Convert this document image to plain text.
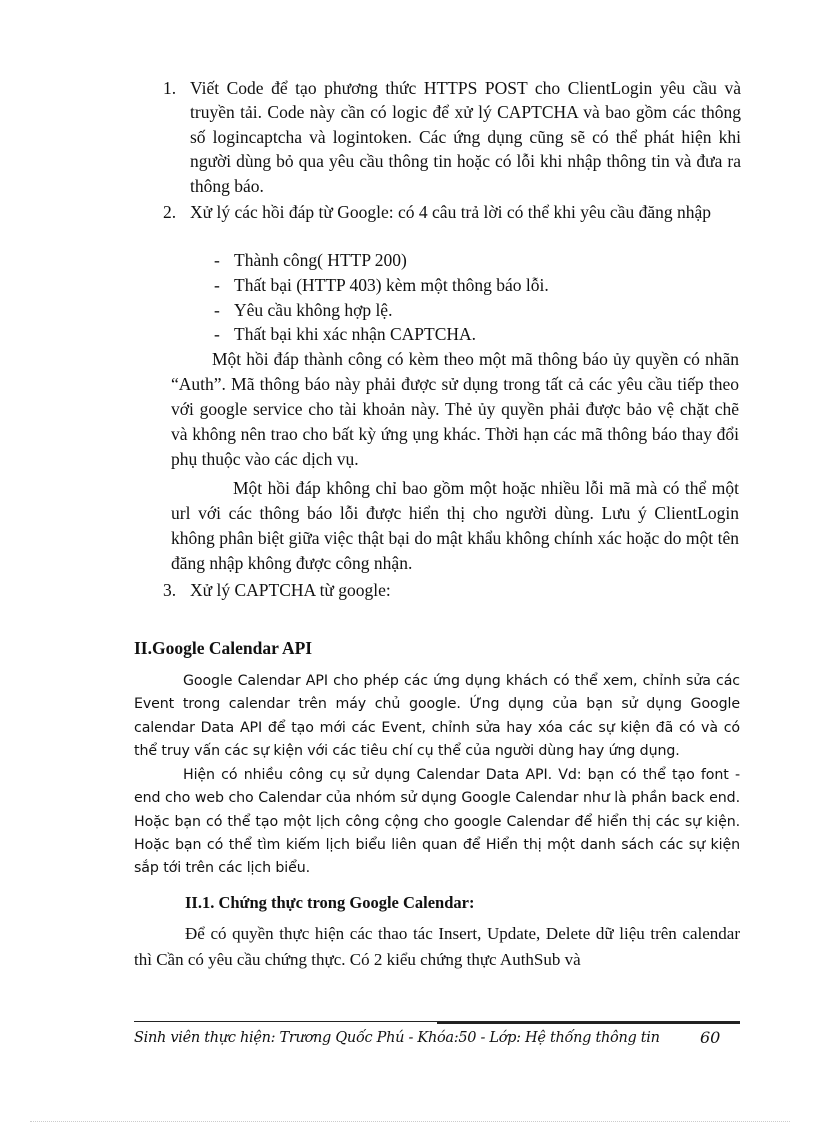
1. Viết Code để tạo phương thức HTTPS POST cho ClientLogin yêu cầu và truyền tải. Code này cần có logic để xử lý CAPTCHA và bao gồm các thông số logincaptcha và logintoken. Các ứng dụng cũng sẽ có thể phát hiện khi người dùng bỏ qua yêu cầu thông tin hoặc có lỗi khi nhập thông tin và đưa ra thông báo.
2. Xử lý các hồi đáp từ Google: có 4 câu trả lời có thể khi yêu cầu đăng nhập
- Thành công( HTTP 200)
- Thất bại (HTTP 403) kèm một thông báo lỗi.
- Yêu cầu không hợp lệ.
- Thất bại khi xác nhận CAPTCHA.
Một hồi đáp thành công có kèm theo một mã thông báo ủy quyền có nhãn “Auth”. Mã thông báo này phải được sử dụng trong tất cả các yêu cầu tiếp theo với google service cho tài khoản này. Thẻ ủy quyền phải được bảo vệ chặt chẽ và không nên trao cho bất kỳ ứng ụng khác. Thời hạn các mã thông báo thay đổi phụ thuộc vào các dịch vụ.
Một hồi đáp không chỉ bao gồm một hoặc nhiều lỗi mã mà có thể một url với các thông báo lỗi được hiển thị cho người dùng. Lưu ý ClientLogin không phân biệt giữa việc thật bại do mật khẩu không chính xác hoặc do một tên đăng nhập không được công nhận.
3. Xử lý CAPTCHA từ google:
II.Google Calendar API
Google Calendar API cho phép các ứng dụng khách có thể xem, chỉnh sửa các Event trong calendar trên máy chủ google. Ứng dụng của bạn sử dụng Google calendar Data API để tạo mới các Event, chỉnh sửa hay xóa các sự kiện đã có và có thể truy vấn các sự kiện với các tiêu chí cụ thể của người dùng hay ứng dụng.
Hiện có nhiều công cụ sử dụng Calendar Data API. Vd: bạn có thể tạo font - end cho web cho Calendar của nhóm sử dụng Google Calendar như là phần back end. Hoặc bạn có thể tạo một lịch công cộng cho google Calendar để hiển thị các sự kiện. Hoặc bạn có thể tìm kiếm lịch biểu liên quan để Hiển thị một danh sách các sự kiện sắp tới trên các lịch biểu.
II.1. Chứng thực trong Google Calendar:
Để có quyền thực hiện các thao tác Insert, Update, Delete dữ liệu trên calendar thì Cần có yêu cầu chứng thực. Có 2 kiểu chứng thực AuthSub và
Sinh viên thực hiện: Trương Quốc Phú - Khóa:50 - Lớp: Hệ thống thông tin	60
